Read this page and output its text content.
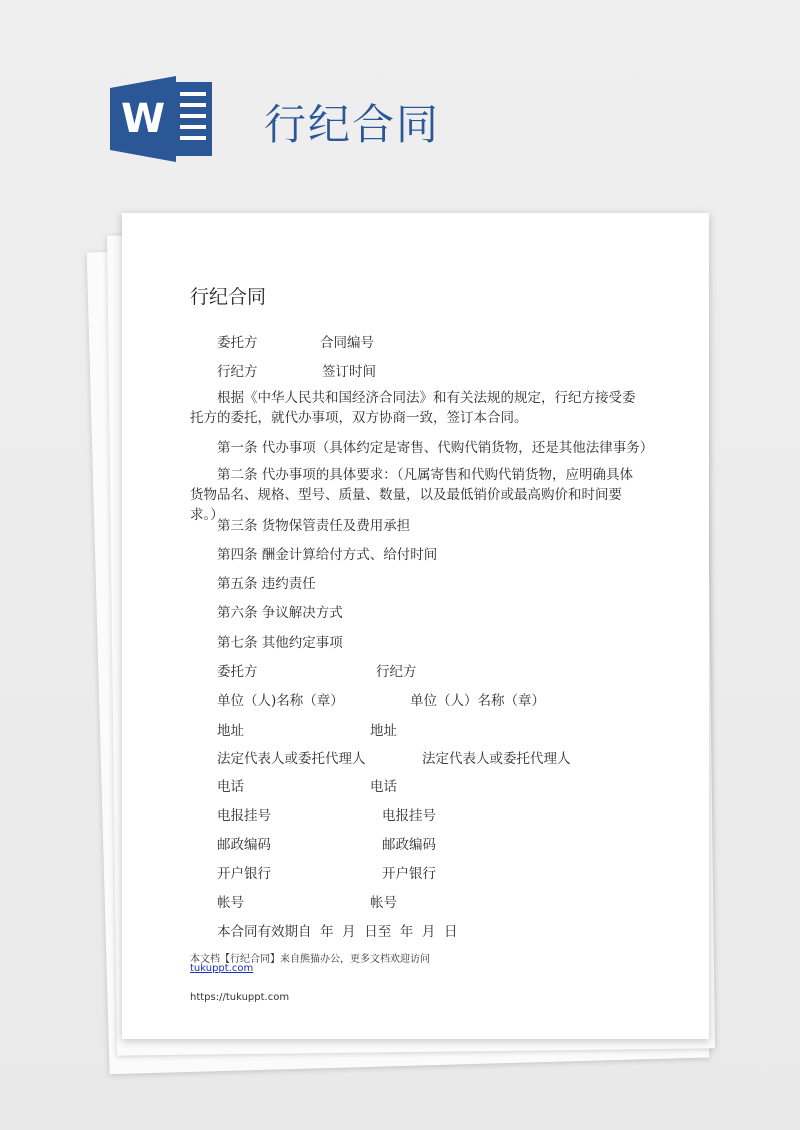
W 行纪合同
行纪合同
委托方	合同编号
行纪方	签订时间
根据《中华人民共和国经济合同法》和有关法规的规定，行纪方接受委托方的委托，就代办事项，双方协商一致，签订本合同。
第一条 代办事项（具体约定是寄售、代购代销货物，还是其他法律事务）
第二条 代办事项的具体要求：（凡属寄售和代购代销货物，应明确具体货物品名、规格、型号、质量、数量，以及最低销价或最高购价和时间要求。）
第三条 货物保管责任及费用承担
第四条 酬金计算给付方式、给付时间
第五条 违约责任
第六条 争议解决方式
第七条 其他约定事项
委托方	行纪方
单位（人)名称（章）	单位（人）名称（章）
地址	地址
法定代表人或委托代理人	法定代表人或委托代理人
电话	电话
电报挂号	电报挂号
邮政编码	邮政编码
开户银行	开户银行
帐号	帐号
本合同有效期自  年  月  日至  年  月  日
本文档【行纪合同】来自熊猫办公，更多文档欢迎访问
tukuppt.com
https://tukuppt.com
